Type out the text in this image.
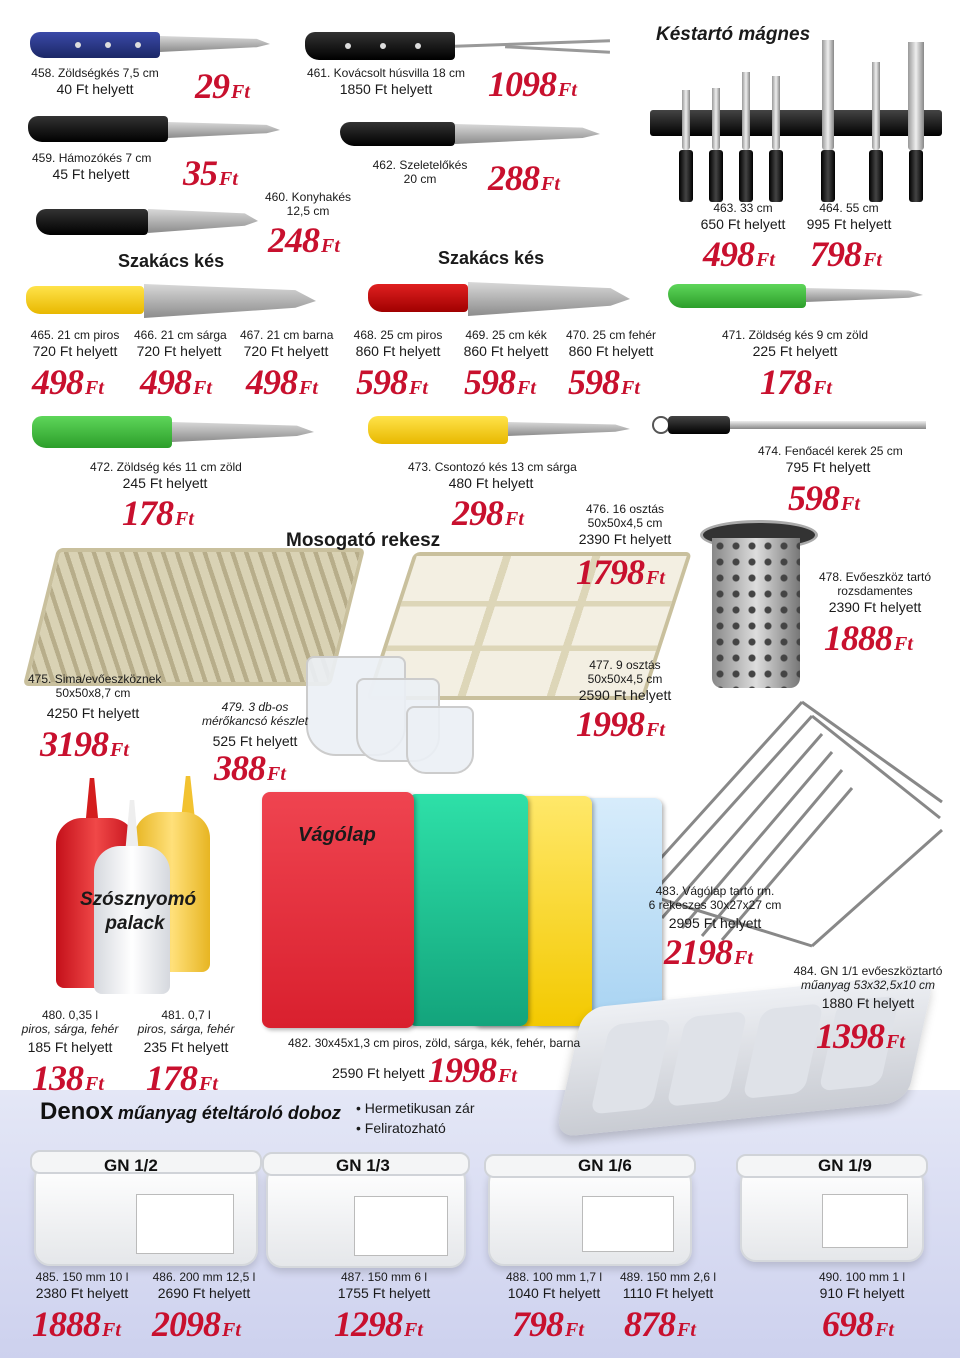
Késtartó mágnes
Szakács kés	Szakács kés
Mosogató rekesz
Vágólap
Szósznyomó palack
Denox műanyag ételtároló doboz • Hermetikusan zár
• Feliratozható
GN 1/2	GN 1/3	GN 1/6	GN 1/9
458. Zöldségkés 7,5 cm
40 Ft helyett	29 Ft
461. Kovácsolt húsvilla 18 cm
1850 Ft helyett	1098 Ft
459. Hámozókés 7 cm
45 Ft helyett	35 Ft
460. Konyhakés
12,5 cm
248 Ft
462. Szeletelőkés
20 cm	288 Ft
463. 33 cm
650 Ft helyett
498 Ft
464. 55 cm
995 Ft helyett
798 Ft
465. 21 cm piros
720 Ft helyett
498 Ft
466. 21 cm sárga
720 Ft helyett
498 Ft
467. 21 cm barna
720 Ft helyett
498 Ft
468. 25 cm piros
860 Ft helyett
598 Ft
469. 25 cm kék
860 Ft helyett
598 Ft
470. 25 cm fehér
860 Ft helyett
598 Ft
471. Zöldség kés 9 cm zöld
225 Ft helyett
178 Ft
472. Zöldség kés 11 cm zöld
245 Ft helyett
178 Ft
473. Csontozó kés 13 cm sárga
480 Ft helyett
298 Ft
474. Fenőacél kerek 25 cm
795 Ft helyett
598 Ft
476. 16 osztás
50x50x4,5 cm
2390 Ft helyett
1798 Ft	478. Evőeszköz tartó
rozsdamentes
2390 Ft helyett
1888 Ft
477. 9 osztás
50x50x4,5 cm
2590 Ft helyett
1998 Ft
475. Sima/evőeszköznek
50x50x8,7 cm
4250 Ft helyett
3198 Ft
479. 3 db-os
mérőkancsó készlet
525 Ft helyett
388 Ft
483. Vágólap tartó rm.
6 rekeszes 30x27x27 cm
2995 Ft helyett
2198 Ft
484. GN 1/1 evőeszköztartó
műanyag 53x32,5x10 cm
1880 Ft helyett
1398 Ft
480. 0,35 l
piros, sárga, fehér
185 Ft helyett
138 Ft
481. 0,7 l
piros, sárga, fehér
235 Ft helyett
178 Ft
482. 30x45x1,3 cm piros, zöld, sárga, kék, fehér, barna
2590 Ft helyett 1998 Ft
485. 150 mm 10 l
2380 Ft helyett
1888 Ft
486. 200 mm 12,5 l
2690 Ft helyett
2098 Ft
487. 150 mm 6 l
1755 Ft helyett
1298 Ft
488. 100 mm 1,7 l
1040 Ft helyett
798 Ft
489. 150 mm 2,6 l
1110 Ft helyett
878 Ft
490. 100 mm 1 l
910 Ft helyett
698 Ft
